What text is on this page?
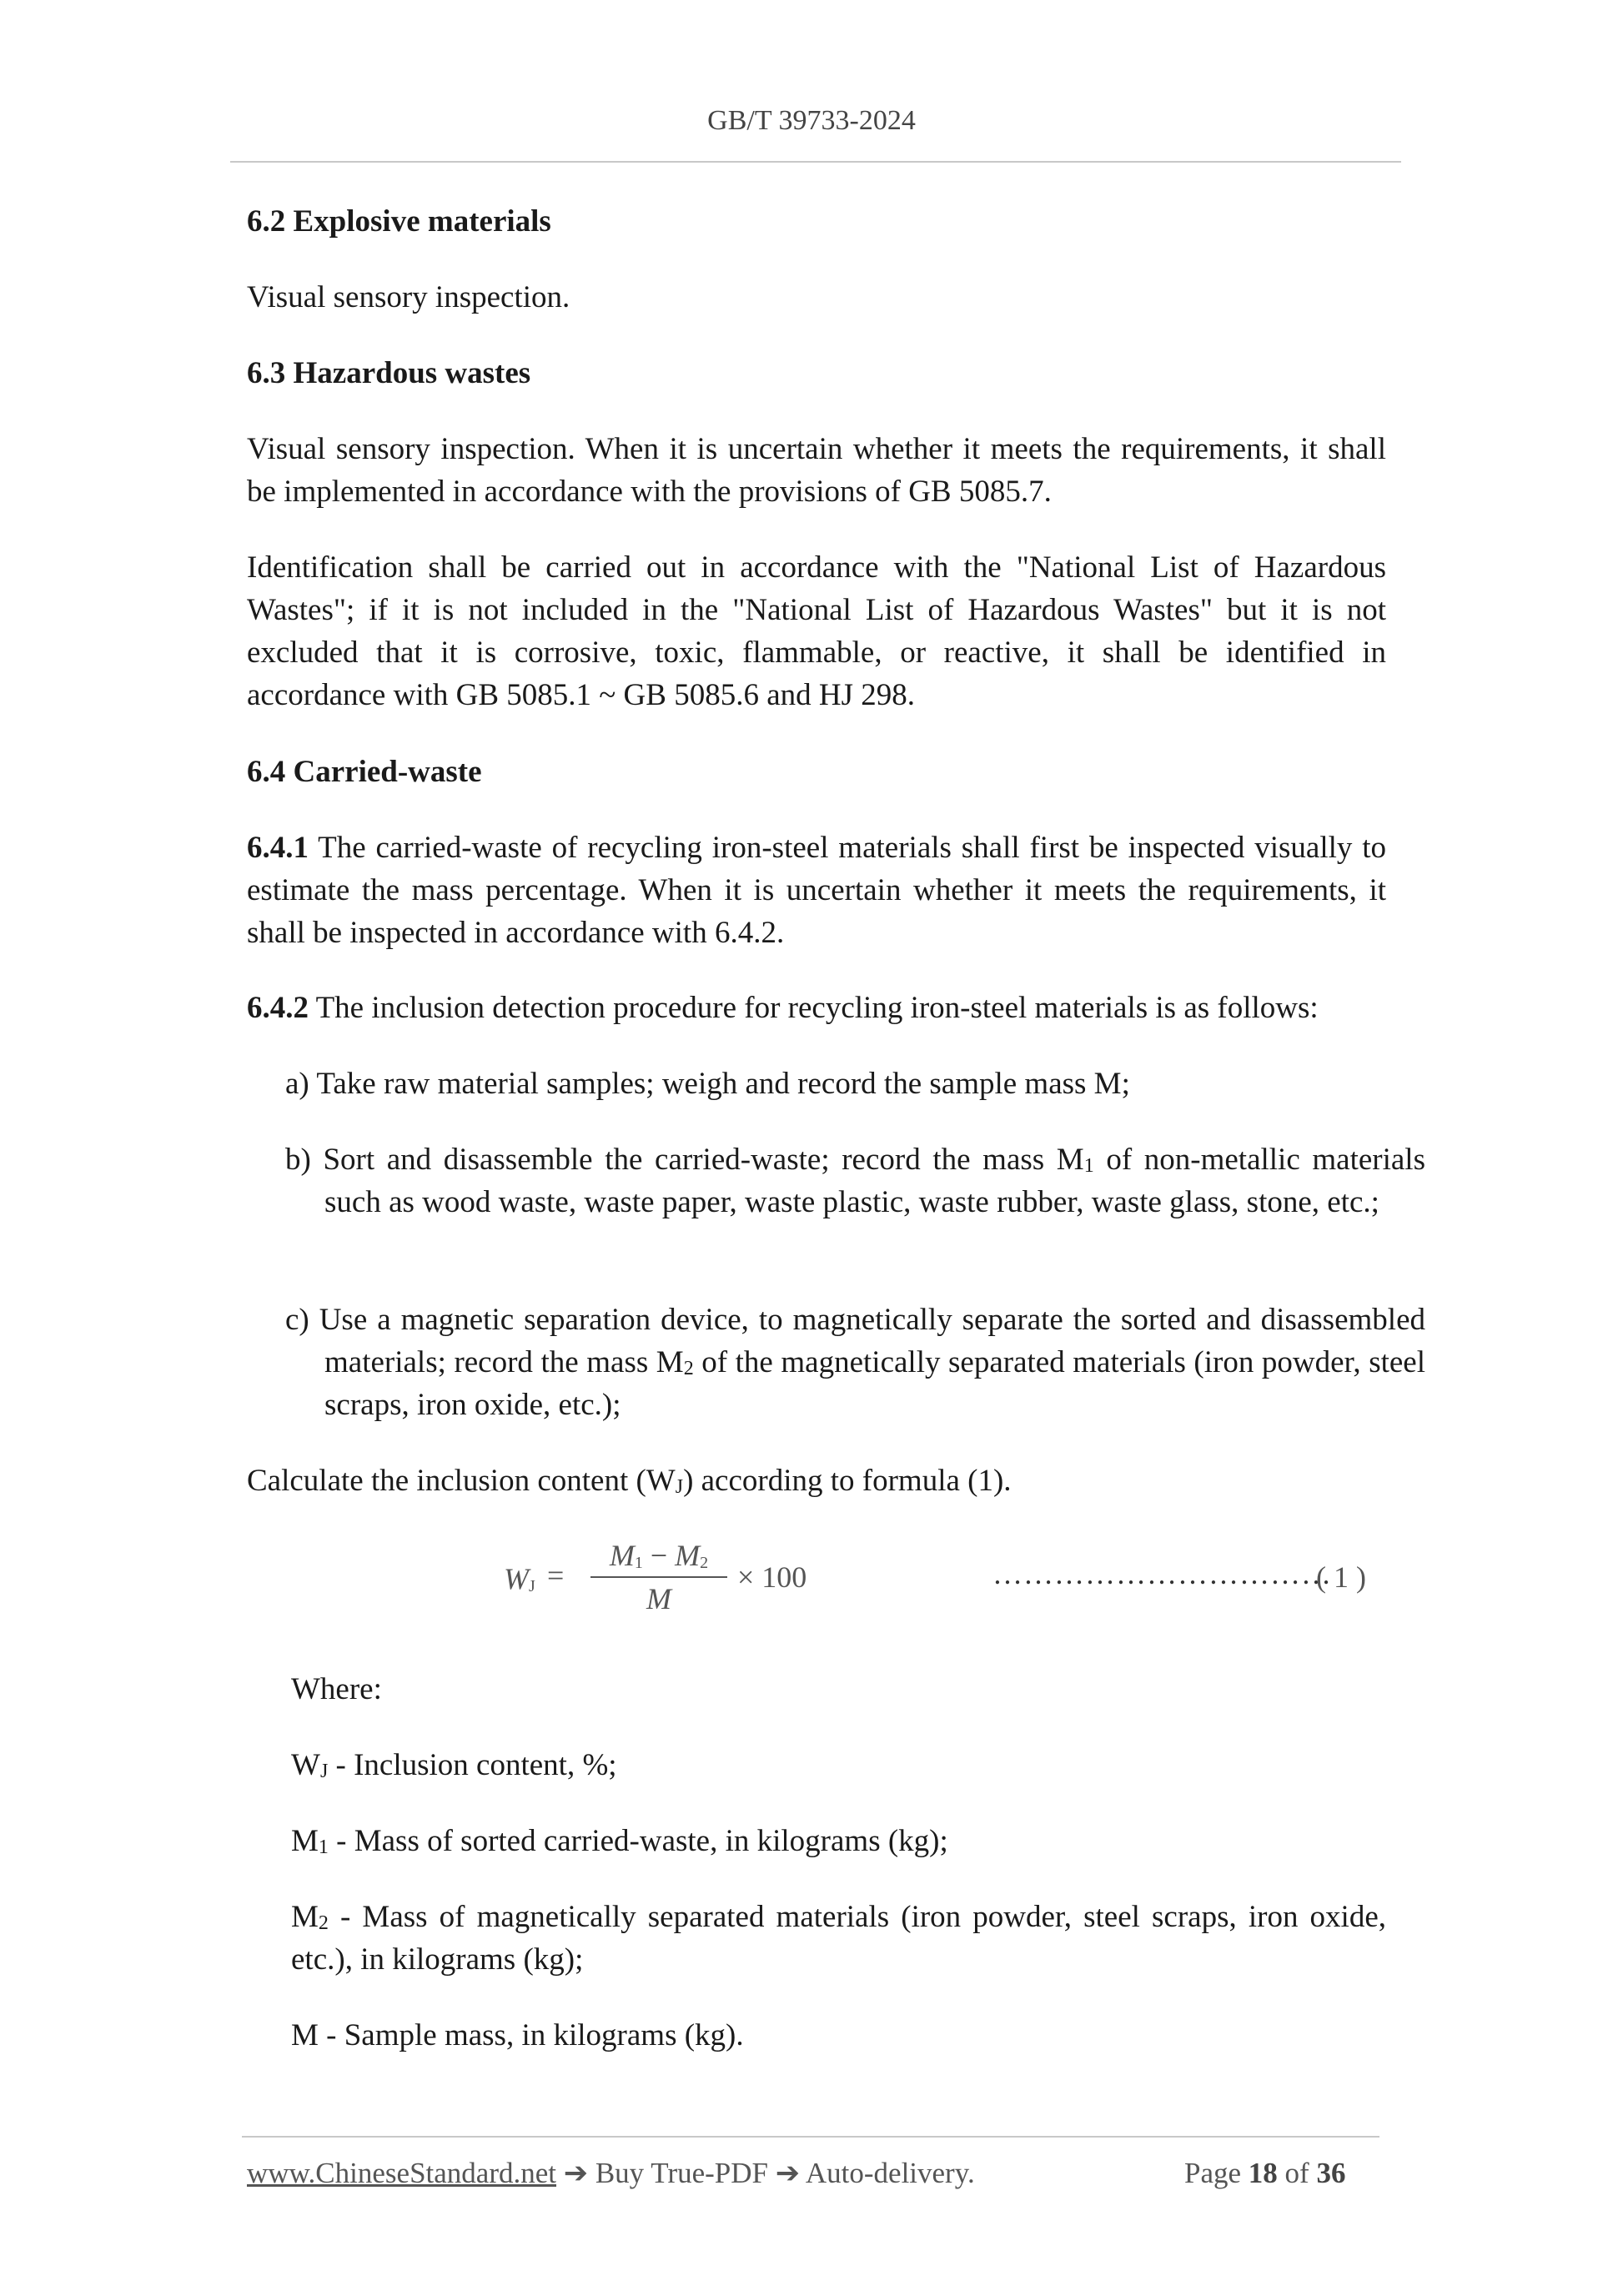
GB/T 39733-2024
6.2 Explosive materials
Visual sensory inspection.
6.3 Hazardous wastes
Visual sensory inspection. When it is uncertain whether it meets the requirements, it shall be implemented in accordance with the provisions of GB 5085.7.
Identification shall be carried out in accordance with the "National List of Hazardous Wastes"; if it is not included in the "National List of Hazardous Wastes" but it is not excluded that it is corrosive, toxic, flammable, or reactive, it shall be identified in accordance with GB 5085.1 ~ GB 5085.6 and HJ 298.
6.4 Carried-waste
6.4.1 The carried-waste of recycling iron-steel materials shall first be inspected visually to estimate the mass percentage. When it is uncertain whether it meets the requirements, it shall be inspected in accordance with 6.4.2.
6.4.2 The inclusion detection procedure for recycling iron-steel materials is as follows:
a) Take raw material samples; weigh and record the sample mass M;
b) Sort and disassemble the carried-waste; record the mass $M_1$ of non-metallic materials such as wood waste, waste paper, waste plastic, waste rubber, waste glass, stone, etc.;
c) Use a magnetic separation device, to magnetically separate the sorted and disassembled materials; record the mass $M_2$ of the magnetically separated materials (iron powder, steel scraps, iron oxide, etc.);
Calculate the inclusion content $(W_J)$ according to formula (1).
$W_J$ =
$M_1 - M_2$
M
× 100	……………………………
( 1 )
Where:
$W_J$ - Inclusion content, %;
$M_1$ - Mass of sorted carried-waste, in kilograms (kg);
$M_2$ - Mass of magnetically separated materials (iron powder, steel scraps, iron oxide, etc.), in kilograms (kg);
M - Sample mass, in kilograms (kg).
www.ChineseStandard.net ➔ Buy True-PDF ➔ Auto-delivery.	Page 18 of 36
